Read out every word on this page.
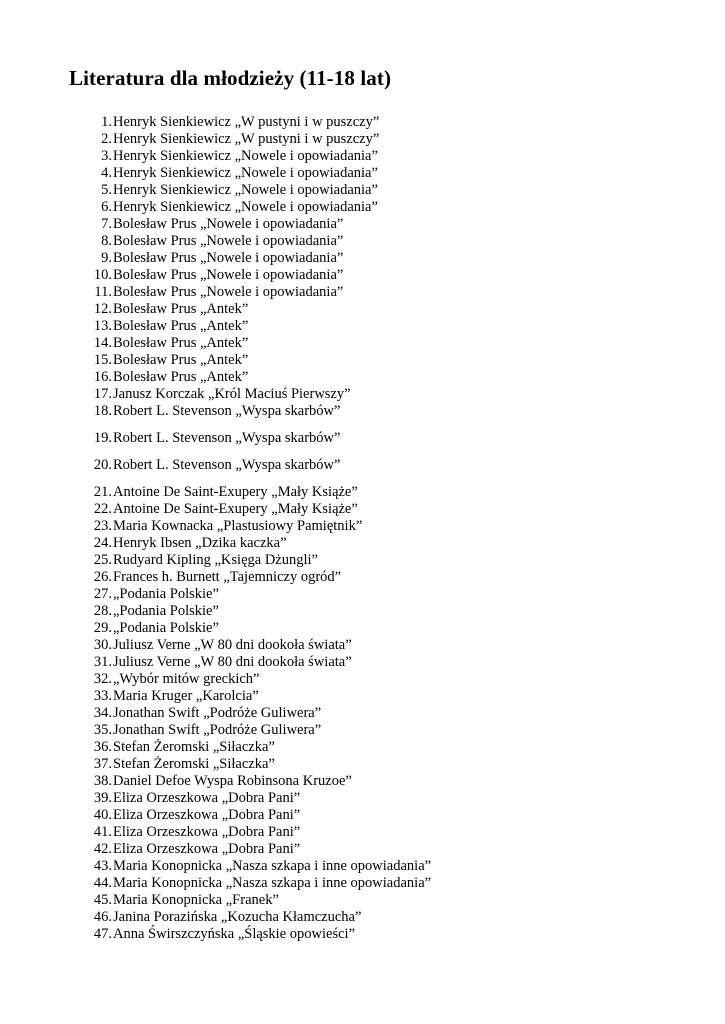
Literatura dla młodzieży (11-18 lat)
1.Henryk Sienkiewicz „W pustyni i w puszczy”
2.Henryk Sienkiewicz „W pustyni i w puszczy”
3.Henryk Sienkiewicz „Nowele i opowiadania”
4.Henryk Sienkiewicz „Nowele i opowiadania”
5.Henryk Sienkiewicz „Nowele i opowiadania”
6.Henryk Sienkiewicz „Nowele i opowiadania”
7.Bolesław Prus „Nowele i opowiadania”
8.Bolesław Prus „Nowele i opowiadania”
9.Bolesław Prus „Nowele i opowiadania”
10.Bolesław Prus „Nowele i opowiadania”
11.Bolesław Prus „Nowele i opowiadania”
12.Bolesław Prus „Antek”
13.Bolesław Prus „Antek”
14.Bolesław Prus „Antek”
15.Bolesław Prus „Antek”
16.Bolesław Prus „Antek”
17.Janusz Korczak „Król Maciuś Pierwszy”
18.Robert L. Stevenson „Wyspa skarbów”
19.Robert L. Stevenson „Wyspa skarbów”
20.Robert L. Stevenson „Wyspa skarbów”
21.Antoine De Saint-Exupery „Mały Książe”
22.Antoine De Saint-Exupery „Mały Książe”
23.Maria Kownacka „Plastusiowy Pamiętnik”
24.Henryk Ibsen „Dzika kaczka”
25.Rudyard Kipling „Księga Dżungli”
26.Frances h. Burnett „Tajemniczy ogród”
27.„Podania Polskie”
28.„Podania Polskie”
29.„Podania Polskie”
30.Juliusz Verne „W 80 dni dookoła świata”
31.Juliusz Verne „W 80 dni dookoła świata”
32.„Wybór mitów greckich”
33.Maria Kruger „Karolcia”
34.Jonathan Swift „Podróże Guliwera”
35.Jonathan Swift „Podróże Guliwera”
36.Stefan Żeromski „Siłaczka”
37.Stefan Żeromski „Siłaczka”
38.Daniel Defoe Wyspa Robinsona Kruzoe”
39.Eliza Orzeszkowa „Dobra Pani”
40.Eliza Orzeszkowa „Dobra Pani”
41.Eliza Orzeszkowa „Dobra Pani”
42.Eliza Orzeszkowa „Dobra Pani”
43.Maria Konopnicka „Nasza szkapa i inne opowiadania”
44.Maria Konopnicka „Nasza szkapa i inne opowiadania”
45.Maria Konopnicka „Franek”
46.Janina Porazińska „Kozucha Kłamczucha”
47.Anna Świrszczyńska „Śląskie opowieści”
